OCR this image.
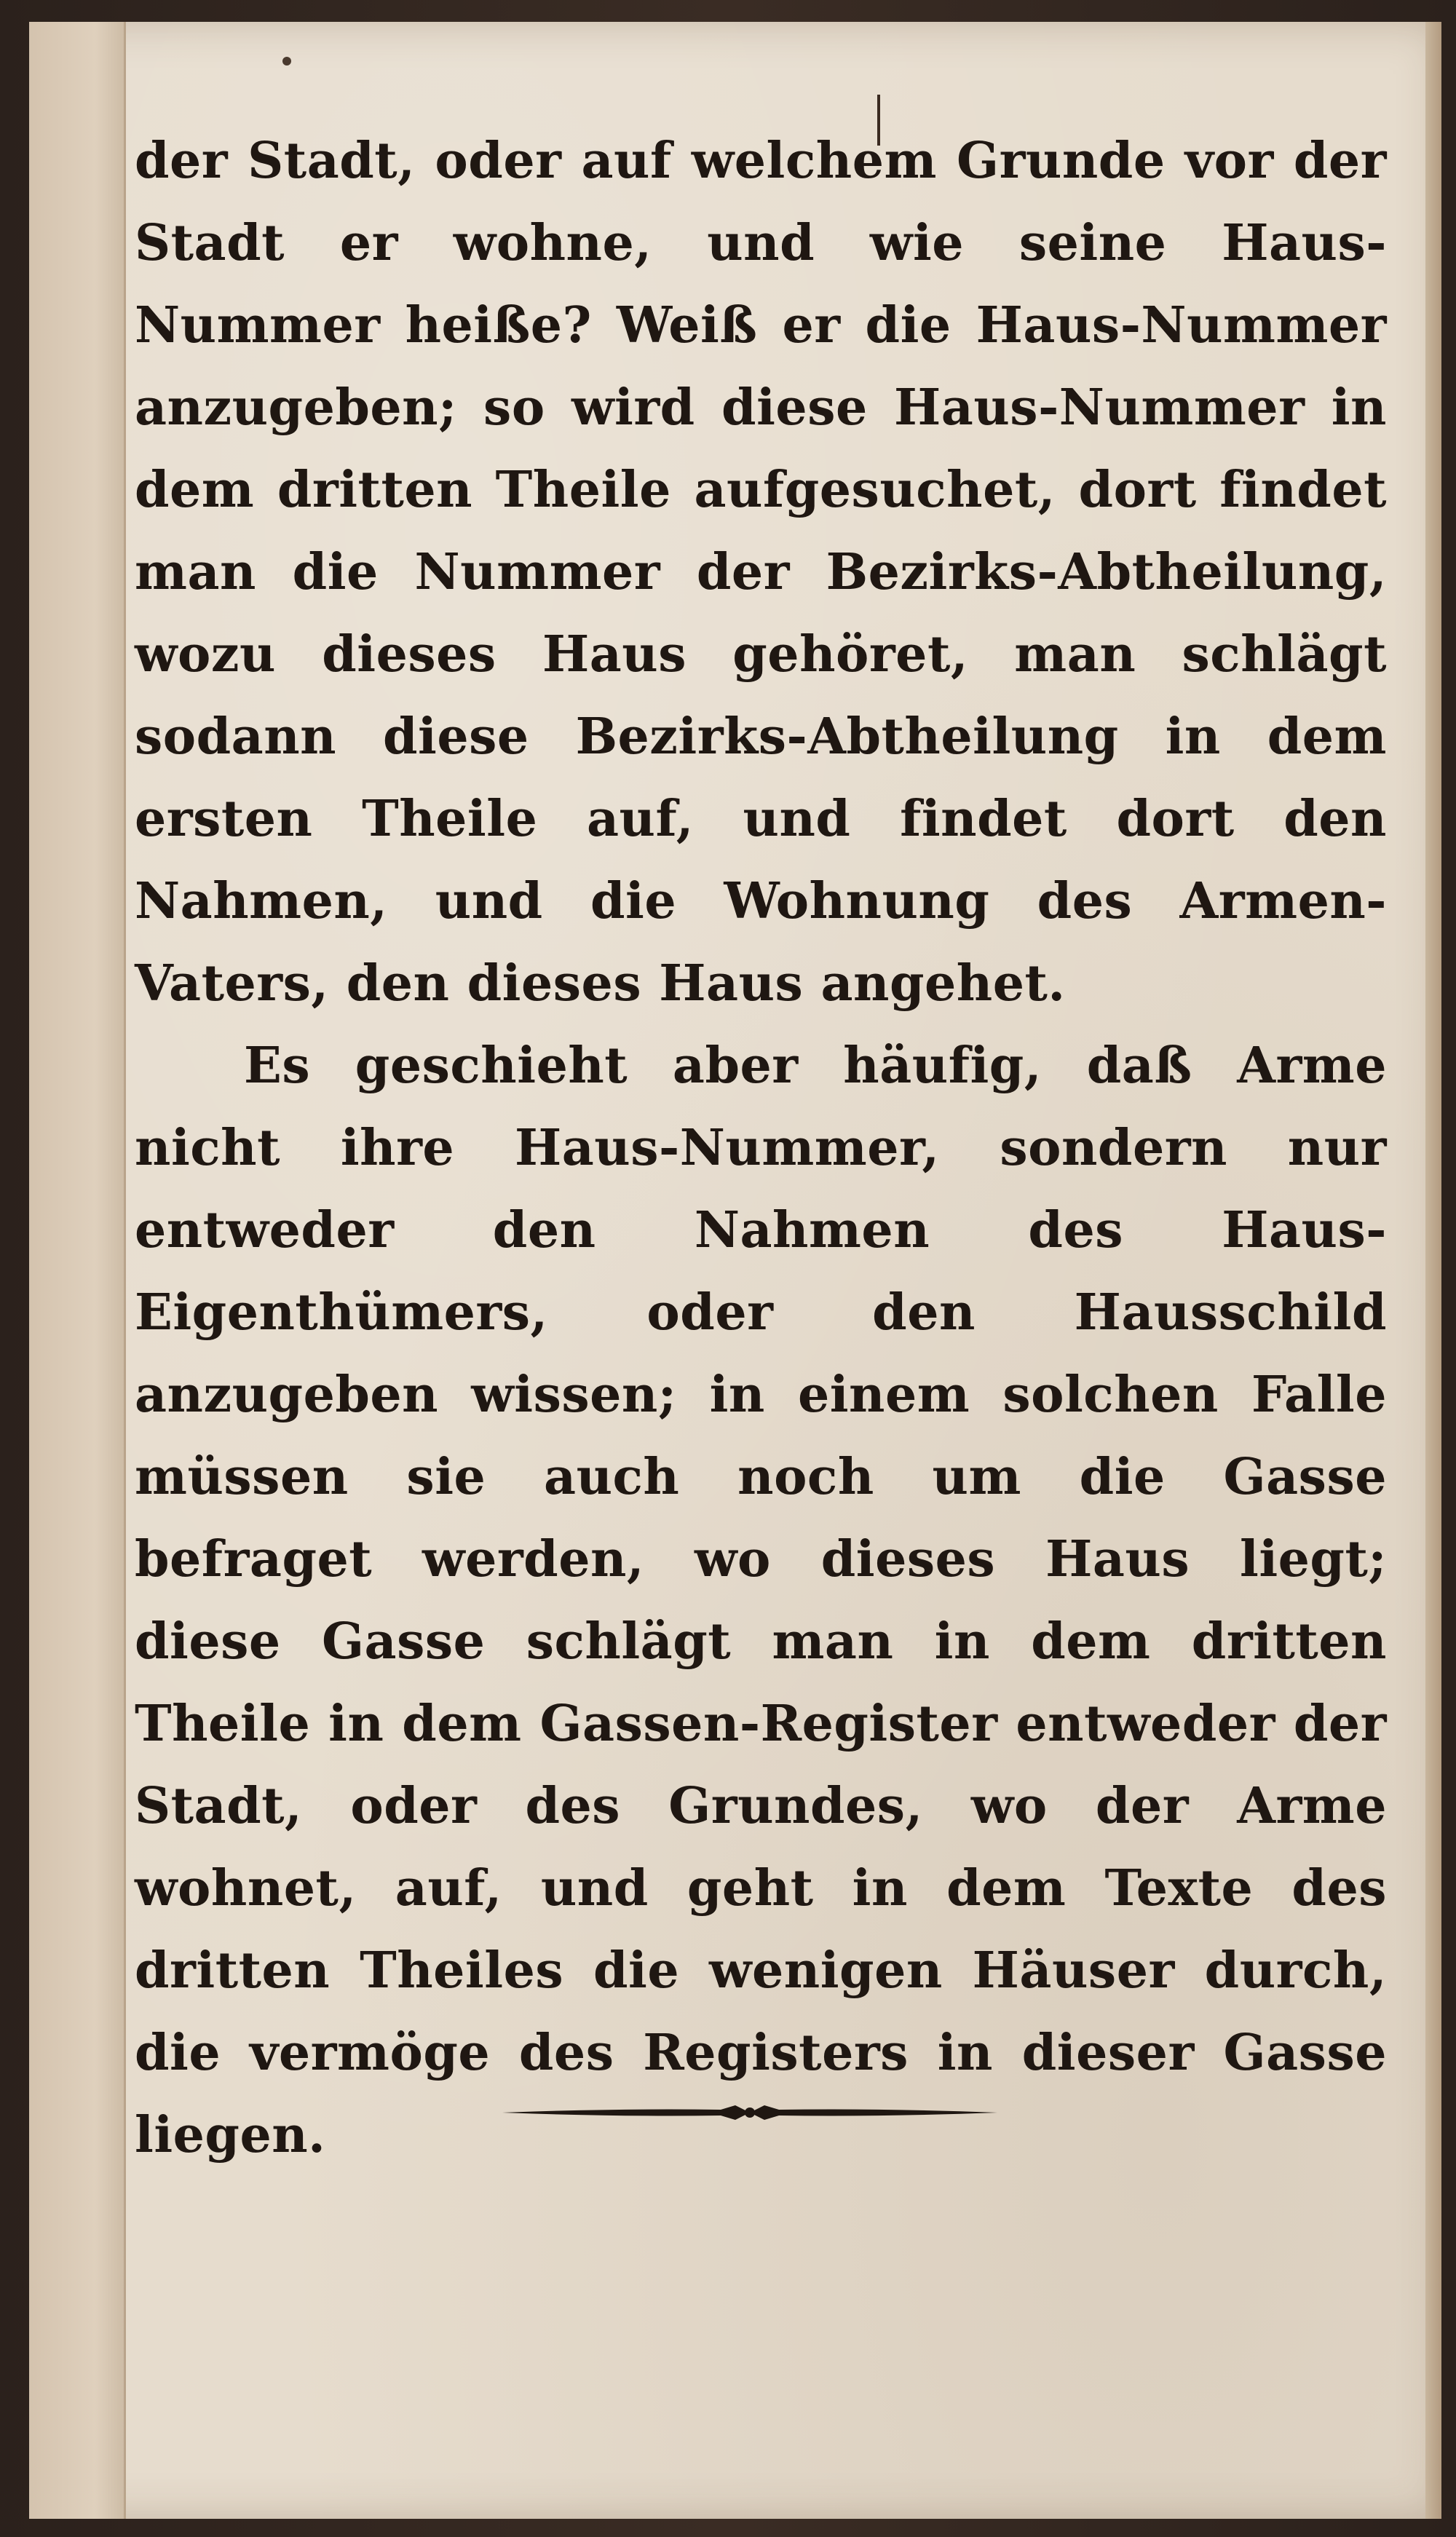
der Stadt, oder auf welchem Grunde vor der Stadt er wohne, und wie seine Haus-Nummer heiße? Weiß er die Haus-Nummer anzugeben; so wird diese Haus-Nummer in dem dritten Theile aufgesuchet, dort findet man die Nummer der Bezirks-Abtheilung, wozu dieses Haus gehöret, man schlägt sodann diese Bezirks-Abtheilung in dem ersten Theile auf, und findet dort den Nahmen, und die Wohnung des Armen-Vaters, den dieses Haus angehet.

Es geschieht aber häufig, daß Arme nicht ihre Haus-Nummer, sondern nur entweder den Nahmen des Haus-Eigenthümers, oder den Hausschild anzugeben wissen; in einem solchen Falle müssen sie auch noch um die Gasse befraget werden, wo dieses Haus liegt; diese Gasse schlägt man in dem dritten Theile in dem Gassen-Register entweder der Stadt, oder des Grundes, wo der Arme wohnet, auf, und geht in dem Texte des dritten Theiles die wenigen Häuser durch, die vermöge des Registers in dieser Gasse liegen.
